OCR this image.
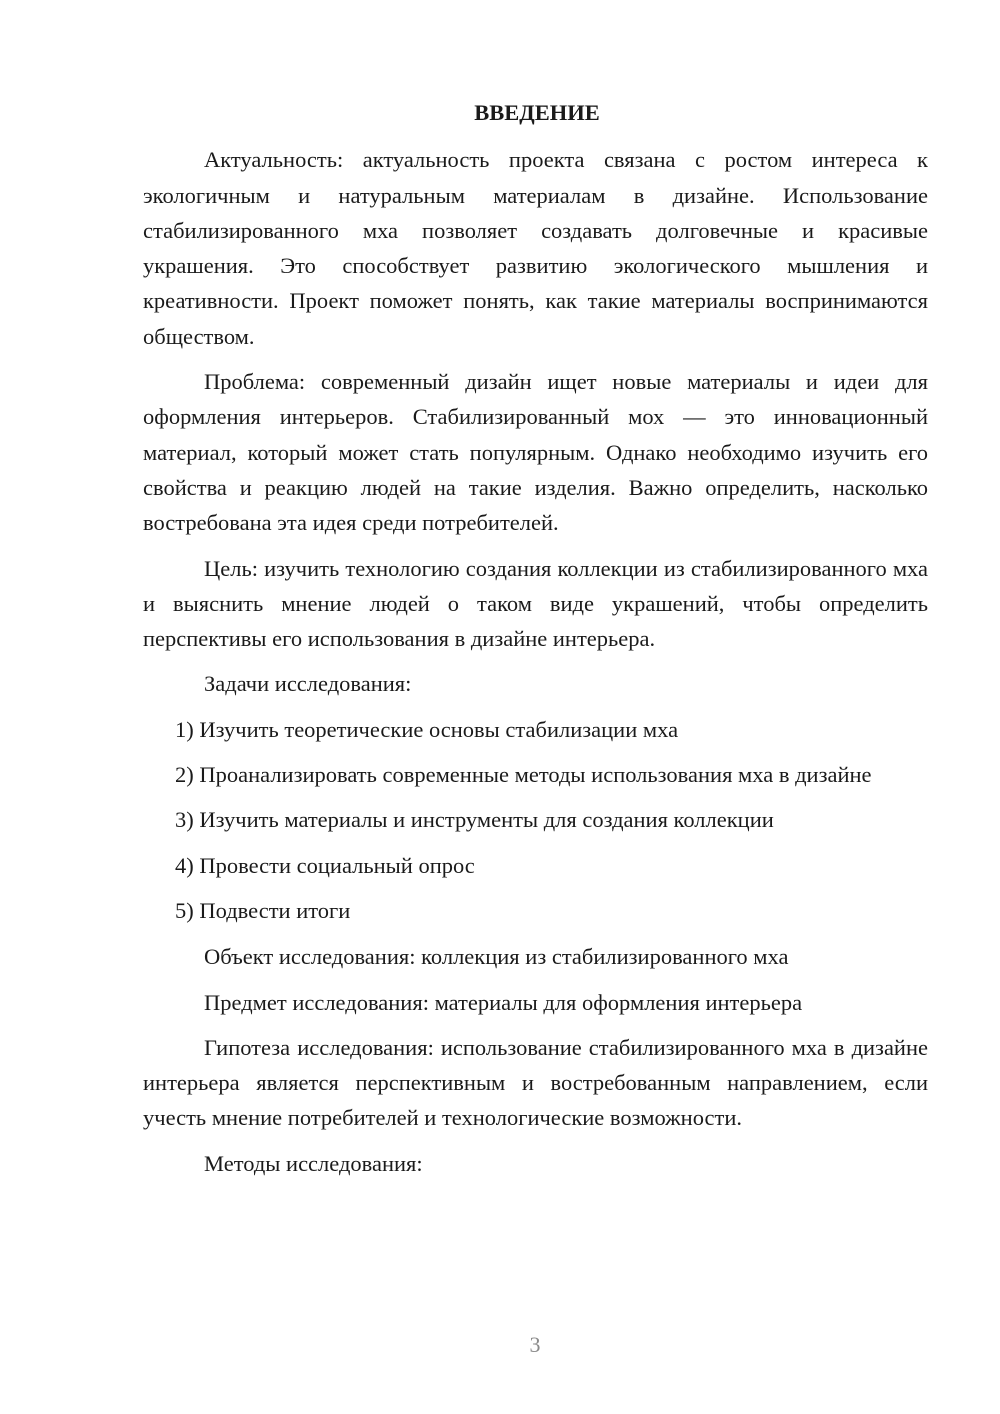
ВВЕДЕНИЕ

Актуальность: актуальность проекта связана с ростом интереса к экологичным и натуральным материалам в дизайне. Использование стабилизированного мха позволяет создавать долговечные и красивые украшения. Это способствует развитию экологического мышления и креативности. Проект поможет понять, как такие материалы воспринимаются обществом.

Проблема: современный дизайн ищет новые материалы и идеи для оформления интерьеров. Стабилизированный мох — это инновационный материал, который может стать популярным. Однако необходимо изучить его свойства и реакцию людей на такие изделия. Важно определить, насколько востребована эта идея среди потребителей.

Цель: изучить технологию создания коллекции из стабилизированного мха и выяснить мнение людей о таком виде украшений, чтобы определить перспективы его использования в дизайне интерьера.

Задачи исследования:

1) Изучить теоретические основы стабилизации мха

2) Проанализировать современные методы использования мха в дизайне

3) Изучить материалы и инструменты для создания коллекции

4) Провести социальный опрос

5) Подвести итоги

Объект исследования: коллекция из стабилизированного мха

Предмет исследования: материалы для оформления интерьера

Гипотеза исследования: использование стабилизированного мха в дизайне интерьера является перспективным и востребованным направлением, если учесть мнение потребителей и технологические возможности.

Методы исследования:

3
